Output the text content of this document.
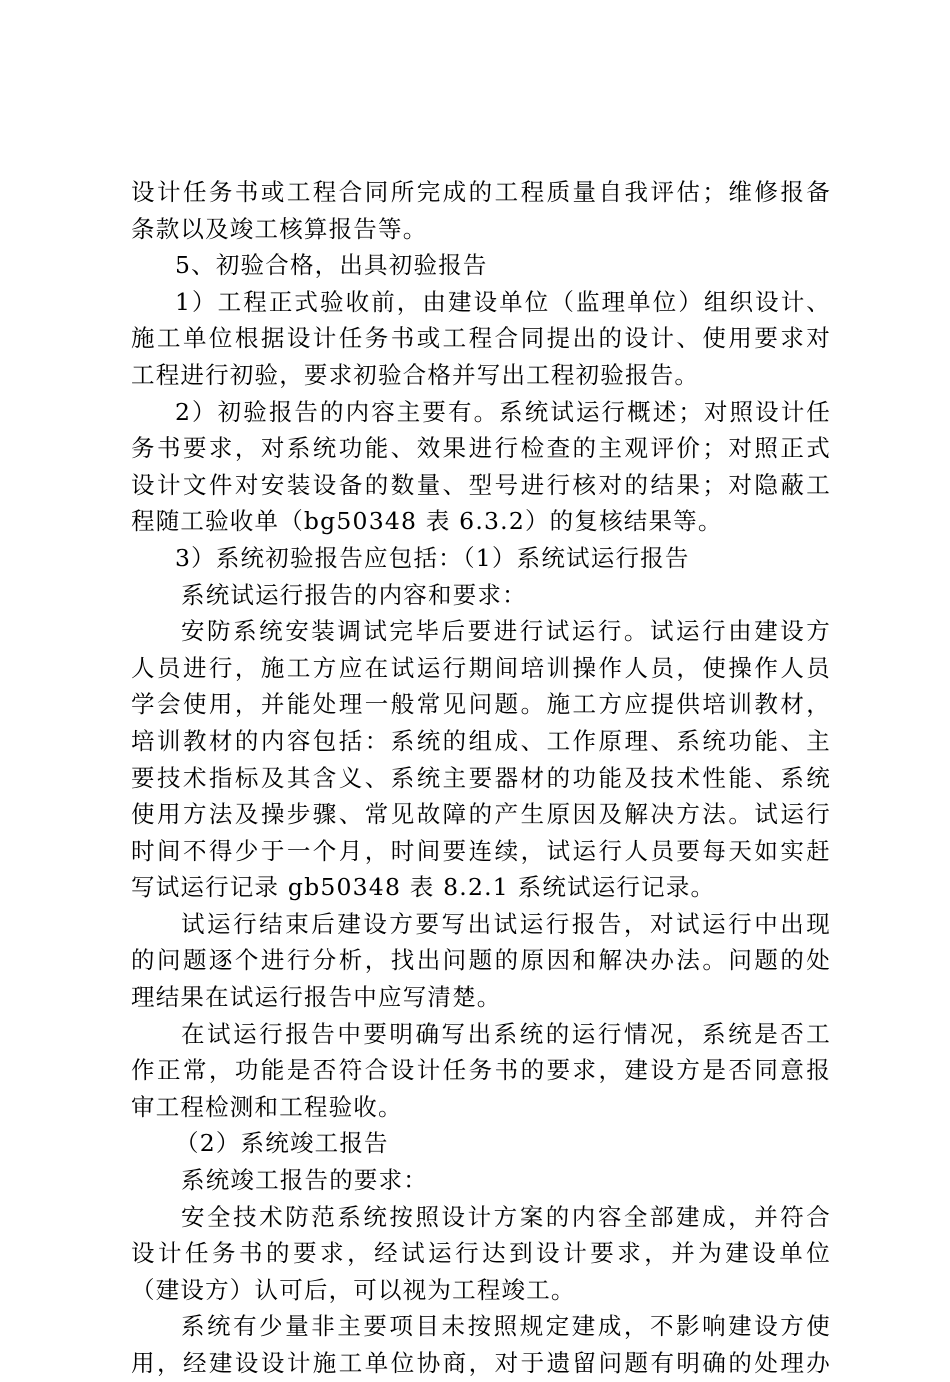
设计任务书或工程合同所完成的工程质量自我评估；维修报备
条款以及竣工核算报告等。
5、初验合格，出具初验报告
1）工程正式验收前，由建设单位（监理单位）组织设计、
施工单位根据设计任务书或工程合同提出的设计、使用要求对
工程进行初验，要求初验合格并写出工程初验报告。
2）初验报告的内容主要有。系统试运行概述；对照设计任
务书要求，对系统功能、效果进行检查的主观评价；对照正式
设计文件对安装设备的数量、型号进行核对的结果；对隐蔽工
程随工验收单（bg50348 表 6.3.2）的复核结果等。
3）系统初验报告应包括：（1）系统试运行报告
系统试运行报告的内容和要求：
安防系统安装调试完毕后要进行试运行。试运行由建设方
人员进行，施工方应在试运行期间培训操作人员，使操作人员
学会使用，并能处理一般常见问题。施工方应提供培训教材，
培训教材的内容包括：系统的组成、工作原理、系统功能、主
要技术指标及其含义、系统主要器材的功能及技术性能、系统
使用方法及操步骤、常见故障的产生原因及解决方法。试运行
时间不得少于一个月，时间要连续，试运行人员要每天如实赶
写试运行记录 gb50348 表 8.2.1 系统试运行记录。
试运行结束后建设方要写出试运行报告，对试运行中出现
的问题逐个进行分析，找出问题的原因和解决办法。问题的处
理结果在试运行报告中应写清楚。
在试运行报告中要明确写出系统的运行情况，系统是否工
作正常，功能是否符合设计任务书的要求，建设方是否同意报
审工程检测和工程验收。
（2）系统竣工报告
系统竣工报告的要求：
安全技术防范系统按照设计方案的内容全部建成，并符合
设计任务书的要求，经试运行达到设计要求，并为建设单位
（建设方）认可后，可以视为工程竣工。
系统有少量非主要项目未按照规定建成，不影响建设方使
用，经建设设计施工单位协商，对于遗留问题有明确的处理办
